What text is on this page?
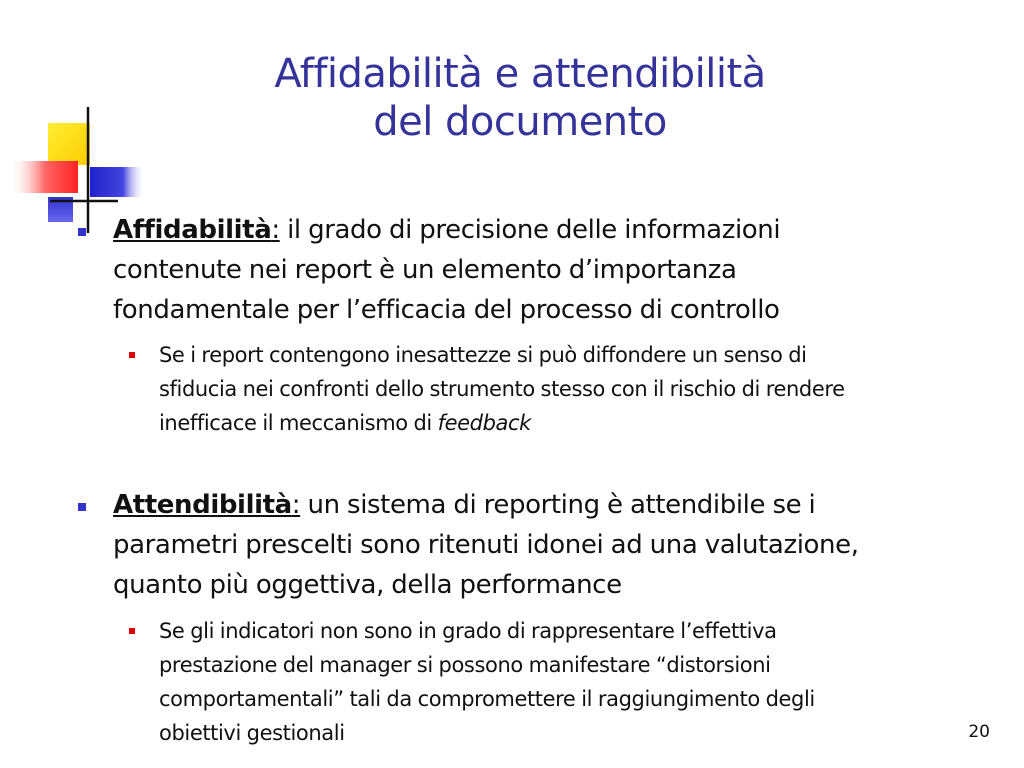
Affidabilità e attendibilità
del documento
Affidabilità: il grado di precisione delle informazioni
contenute nei report è un elemento d’importanza
fondamentale per l’efficacia del processo di controllo
Se i report contengono inesattezze si può diffondere un senso di
sfiducia nei confronti dello strumento stesso con il rischio di rendere
inefficace il meccanismo di feedback
Attendibilità: un sistema di reporting è attendibile se i
parametri prescelti sono ritenuti idonei ad una valutazione,
quanto più oggettiva, della performance
Se gli indicatori non sono in grado di rappresentare l’effettiva
prestazione del manager si possono manifestare “distorsioni
comportamentali” tali da compromettere il raggiungimento degli
obiettivi gestionali	20
